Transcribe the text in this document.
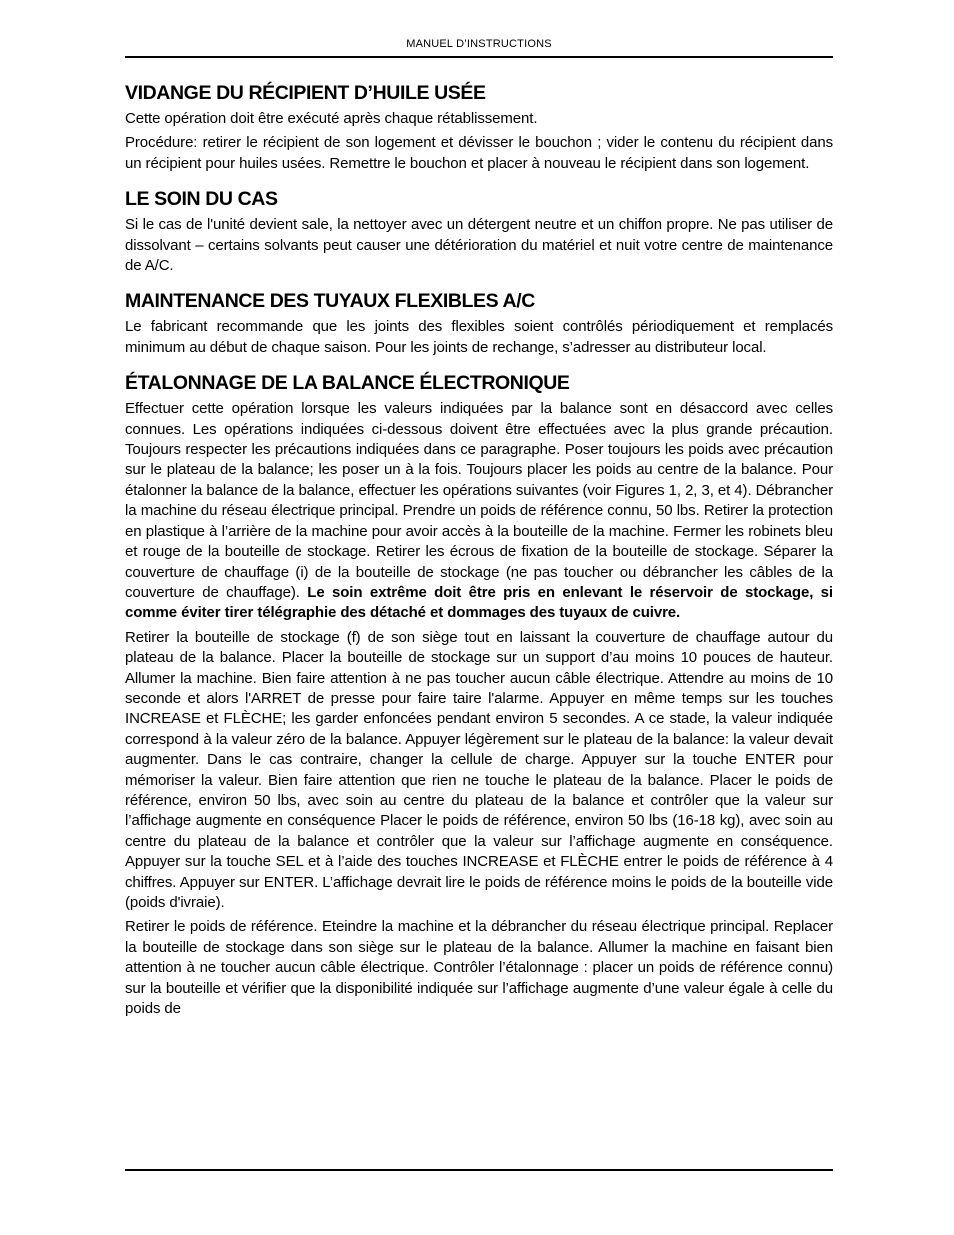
MANUEL D’INSTRUCTIONS
VIDANGE DU RÉCIPIENT D’HUILE USÉE

Cette opération doit être exécuté après chaque rétablissement.

Procédure: retirer le récipient de son logement et dévisser le bouchon ; vider le contenu du récipient dans un récipient pour huiles usées. Remettre le bouchon et placer à nouveau le récipient dans son logement.

LE SOIN DU CAS

Si le cas de l'unité devient sale, la nettoyer avec un détergent neutre et un chiffon propre. Ne pas utiliser de dissolvant – certains solvants peut causer une détérioration du matériel et nuit votre centre de maintenance de A/C.

MAINTENANCE DES TUYAUX FLEXIBLES A/C

Le fabricant recommande que les joints des flexibles soient contrôlés périodiquement et remplacés minimum au début de chaque saison. Pour les joints de rechange, s’adresser au distributeur local.

ÉTALONNAGE DE LA BALANCE ÉLECTRONIQUE

Effectuer cette opération lorsque les valeurs indiquées par la balance sont en désaccord avec celles connues. Les opérations indiquées ci-dessous doivent être effectuées avec la plus grande précaution. Toujours respecter les précautions indiquées dans ce paragraphe. Poser toujours les poids avec précaution sur le plateau de la balance; les poser un à la fois. Toujours placer les poids au centre de la balance. Pour étalonner la balance de la balance, effectuer les opérations suivantes (voir Figures 1, 2, 3, et 4). Débrancher la machine du réseau électrique principal. Prendre un poids de référence connu, 50 lbs. Retirer la protection en plastique à l’arrière de la machine pour avoir accès à la bouteille de la machine. Fermer les robinets bleu et rouge de la bouteille de stockage. Retirer les écrous de fixation de la bouteille de stockage. Séparer la couverture de chauffage (i) de la bouteille de stockage (ne pas toucher ou débrancher les câbles de la couverture de chauffage). Le soin extrême doit être pris en enlevant le réservoir de stockage, si comme éviter tirer télégraphie des détaché et dommages des tuyaux de cuivre.

Retirer la bouteille de stockage (f) de son siège tout en laissant la couverture de chauffage autour du plateau de la balance. Placer la bouteille de stockage sur un support d’au moins 10 pouces de hauteur. Allumer la machine. Bien faire attention à ne pas toucher aucun câble électrique. Attendre au moins de 10 seconde et alors l'ARRET de presse pour faire taire l'alarme. Appuyer en même temps sur les touches INCREASE et FLÈCHE; les garder enfoncées pendant environ 5 secondes. A ce stade, la valeur indiquée correspond à la valeur zéro de la balance. Appuyer légèrement sur le plateau de la balance: la valeur devait augmenter. Dans le cas contraire, changer la cellule de charge. Appuyer sur la touche ENTER pour mémoriser la valeur. Bien faire attention que rien ne touche le plateau de la balance. Placer le poids de référence, environ 50 lbs, avec soin au centre du plateau de la balance et contrôler que la valeur sur l’affichage augmente en conséquence Placer le poids de référence, environ 50 lbs (16-18 kg), avec soin au centre du plateau de la balance et contrôler que la valeur sur l’affichage augmente en conséquence. Appuyer sur la touche SEL et à l’aide des touches INCREASE et FLÈCHE entrer le poids de référence à 4 chiffres. Appuyer sur ENTER. L’affichage devrait lire le poids de référence moins le poids de la bouteille vide (poids d'ivraie).

Retirer le poids de référence. Eteindre la machine et la débrancher du réseau électrique principal. Replacer la bouteille de stockage dans son siège sur le plateau de la balance. Allumer la machine en faisant bien attention à ne toucher aucun câble électrique. Contrôler l’étalonnage : placer un poids de référence connu) sur la bouteille et vérifier que la disponibilité indiquée sur l’affichage augmente d’une valeur égale à celle du poids de
